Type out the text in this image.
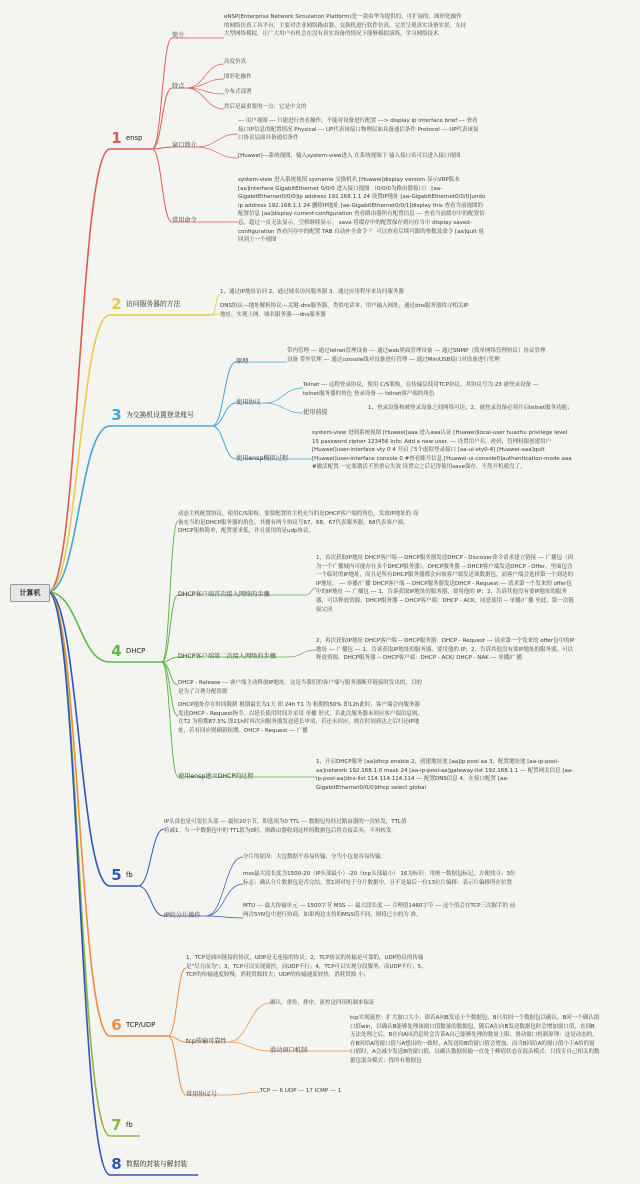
计算机
1 ensp
2 访问服务器的方法
3 为交换机设置登录账号
4 DHCP
5 fb
6 TCP/UDP
7 fb
8 数据的封装与解封装
简介
特点
窗口简介
常用命令
eNSP(Enterprise Network Simulation Platform)是一款由华为提供的、可扩展的、图形化操作的网络仿真工具平台，主要对企业网络路由器、交换机进行软件仿真，完美呈现真实设备实景，支持大型网络模拟，让广大用户有机会在没有真实设备的情况下能够模拟演练，学习网络技术。
高度仿真
图形化操作
分布式部署
然后是最重要的一点：它是中文的
--- 用户视图 --- 只能进行查看操作，不能对设备进行配置 ---> display ip interface brief --- 查看接口IP信息的配置情况 Physical --- UP代表该接口物理层面具备通信条件 Protocol --- UP代表该接口协议层面具备通信条件
[Huawei]---系统视图，输入system-view进入 在系统视图下 输入接口名可以进入接口视图
system-view 进入系统视图 sysname 交换机名 [Huawei]display version 显示VRP版本 [aa]interface GigabitEthernet 0/0/0 进入接口视图 （0/0/0为路由器接口） [aa-GigabitEthernet0/0/0]ip address 192.168.1.1 24 设置IP地址 [aa-GigabitEthernet0/0/0]undo ip address 192.168.1.1 24 删除IP地址 [aa-GigabitEthernet0/0/1]display this 查看当前视图的配置信息 [aa]display current-configuration 查看路由器所有配置信息 --- 查看当前缓存中的配置信息，超过一页无法显示，空格继续显示。 save 将缓存中的配置保存到闪存当中 display saved-configuration 查看闪存中的配置 TAB 自动补全命令 ？ 可以查看后续可跟的参数及命令 [aa]quit 返回到上一个视图
1，通过IP地址访问 2，通过域名访问服务器 3，通过应用程序来访问服务器
DNS协议---地址解析协议---关键-dns服务器，类似电话本，用户输入网址，通过dns服务器找寻相关IP地址，实现上网。域名服务器----dns服务器
原理
使用协议
使用前提
使用ensp模拟过程
带内管理 --- 通过telnet管理设备 --- 通过web界面管理设备 --- 通过SNMP（简单网络管理协议）协议管理设备 带外管理 --- 通过console线对设备进行管理 --- 通过MiniUSB接口对设备进行管理
Telnet --- 远程登录协议，使用 C/S架构，在传输层使用TCP协议。其协议号为 23 被登录设备 --- telnet服务器的角色 登录设备 --- telnet客户端的角色
1，登录设备和被登录设备之间网络可达；2，被登录设备必须开启telnet服务功能；
system-view 进到系统视图 [Huawei]aaa 进入aaa认证 [Huawei]local-user huazhu privilege level 15 password cipher 123456 Info: Add a new user. --- 设置用户名，密码，管理权限创建用户 [Huawei]user-interface vty 0 4 开启了5个虚拟登录接口 [aa-ui-vty0-4] [Huawei-aaa]quit [Huawei]user-interface console 0 #查看账号信息 [Huawei-ui-console0]authentication-mode aaa #激活配置.一定要激活不然重启失效 设置完之后记得使用save保存，不然开机就没了。
动态主机配置协议，使用C/S架构。需要配置的主机充当的是DHCP客户端的角色，发放IP地址的 设备充当的是DHCP服务器的角色。其拥有两个协议号67、68。67代表服务器，68代表客户端。DHCP架构简单，配置要求低，并且使用的是udp协议。
DHCP客户端首次接入网络的步骤
1，首次获取IP地址 DHCP客户端 -- DHCP服务器发送DHCP - Discover命令请求建立链接 --- 广播包（因为一个广播域内可能存在多个DHCP服务器）。DHCP服务器 -- DHCP客户端发送DHCP - Offer，里面包含一个临时的IP地址，而且是所有DHCP服务器都会向该客户端发送该数据包，而客户端会选择第一个到达的IP地址。 --- 单播/广播 DHCP客户端 -- DHCP服务器发送DHCP - Request --- 请求第一个发来的 offer包中的IP地址 --- 广播包 --- 1，告诉获取IP地址的服务器，要用他的 IP；2，告诉其他没有要IP地址的服务器，可以释放资源。DHCP服务器 -- DHCP客户端：DHCP - ACK，同意使用 -- 单播/广播 至此，第一次链接完成
DHCP客户端第二次接入网络的步骤
2，再次获取IP地址 DHCP客户端 -- DHCP服务器：DHCP - Request --- 请求第一个发来的 offer包中的IP地址 --- 广播包 --- 1，告诉获取IP地址的服务器，要用他的 IP；2，告诉其他没有要IP地址的服务器，可以释放资源。DHCP服务器 -- DHCP客户端：DHCP - ACK/ DHCP - NAK --- 单播/广播
DHCP - Release --- 客户端主动释放IP地址。这是当我们的客户端与服务器断开链接时发出的，目的是为了合理分配资源
DHCP地址存在时间限制 租期最长为1天 即 24h T1 为 租期的50% 即12h此时，客户端会向服务器发送DHCP - Request指令，以延长使用时间并采用 单播 形式。若此次服务器未回应客户端信息则，在T2 为租期87.5% 即21h时再次向服务器发送延长申请，若还未回应，则在时间到达之后归还IP地址，若有回应则刷新租期。DHCP - Request --- 广播
使用ensp建立DHCP的过程
1，开启DHCP服务 [aa]dhcp enable 2，创建地址池 [aa]ip pool aa 3，配置地址池 [aa-ip-pool-aa]network 192.168.1.0 mask 24 [aa-ip-pool-aa]gateway-list 192.168.1.1 --- 配置网关信息 [aa-ip-pool-aa]dns-list 114.114.114.114 --- 配置DNS信息 4，在接口配置 [aa-GigabitEthernet0/0/0]dhcp select global
IP头部也是可变长头部 --- 最短20字节，即选项为0 TTL --- 数据包每经过路由器的一次转发，TTL值将减1。当一个数据包中的 TTL值为0时，则路由器收到这样的数据包后将直接丢弃，不再转发。
IP的分片操作
分片的原因：大包数据不容易传输，分为小包更容易传输。
mss最大段长度为1500-20（IP头部最小）-20（tcp头部最小） 16为标识：用统一数据包标记，方便找寻；3位标志：确认分片数据包是否完结，置1则对处于分片数据中，且不是最后一位13位片偏移：表示片偏移所在位置
MTU --- 最大传输单元 --- 1500字节 MSS --- 最大段长度 --- 合理值1460字节 --- 这个值会在TCP三次握手的 前两次SYN包中进行协商，如果两边支持的MSS值不同，则将已小的为 准。
1，TCP是面向链接的协议，UDP是无连接的协议；2，TCP协议的传输是可靠的，UDP协议的传输是"尽力而为"；3，TCP可以实现流控，而UDP不行；4，TCP可以实现分段服务，而UDP不行；5，TCP的传输速度较慢，消耗资源较大；UDP的传输速度较快，消耗资源 小；
tcp传输可靠性
确认，重传，排序，流控这四项机制来保证
滑动窗口机制
tcp实现流控：扩大窗口大小，即若A向B发送十个数据包，B只用回一个数据包以确认。B回一个确认窗口值win，以确认B能够处理该窗口值数量的数据包，随后A在向B发送数据包时会增加窗口值，直到B无法处理之后，B在向A回消息时会告诉A自己能够处理的数量上限。滑动窗口机制原理：这是动态的，在B回给A的窗口值与A想出的一致时，A发送给B的窗口值会增加，而当B回给A的窗口值小于A给的窗口值时，A会减少发送B的窗口值，以确认数据传输一直处于峰值状态在混杂模式：只找专自己相关的数据包混杂模式：找所有数据包
常用协议号	TCP --- 6 UDP --- 17 ICMP --- 1
